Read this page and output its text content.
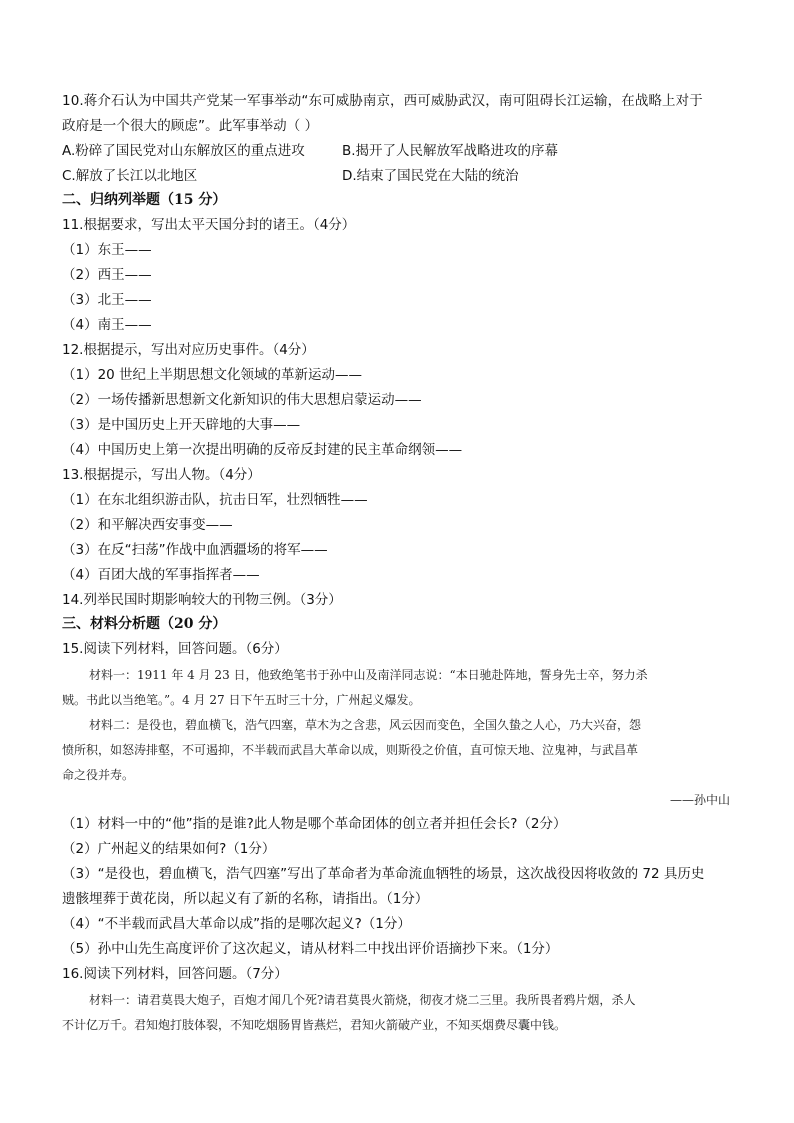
10.蒋介石认为中国共产党某一军事举动“东可威胁南京，西可威胁武汉，南可阻碍长江运输，在战略上对于
政府是一个很大的顾虑”。此军事举动（ ）
A.粉碎了国民党对山东解放区的重点进攻	B.揭开了人民解放军战略进攻的序幕
C.解放了长江以北地区	D.结束了国民党在大陆的统治
二、归纳列举题（15 分）
11.根据要求，写出太平天国分封的诸王。（4分）
（1）东王——
（2）西王——
（3）北王——
（4）南王——
12.根据提示，写出对应历史事件。（4分）
（1）20 世纪上半期思想文化领域的革新运动——
（2）一场传播新思想新文化新知识的伟大思想启蒙运动——
（3）是中国历史上开天辟地的大事——
（4）中国历史上第一次提出明确的反帝反封建的民主革命纲领——
13.根据提示，写出人物。（4分）
（1）在东北组织游击队，抗击日军，壮烈牺牲——
（2）和平解决西安事变——
（3）在反“扫荡”作战中血洒疆场的将军——
（4）百团大战的军事指挥者——
14.列举民国时期影响较大的刊物三例。（3分）
三、材料分析题（20 分）
15.阅读下列材料，回答问题。（6分）
材料一：1911 年 4 月 23 日，他致绝笔书于孙中山及南洋同志说：“本日驰赴阵地，誓身先士卒，努力杀
贼。书此以当绝笔。”。4 月 27 日下午五时三十分，广州起义爆发。
材料二：是役也，碧血横飞，浩气四塞，草木为之含悲，风云因而变色，全国久蛰之人心，乃大兴奋，怨
愤所积，如怒涛排壑，不可遏抑，不半载而武昌大革命以成，则斯役之价值，直可惊天地、泣鬼神，与武昌革
命之役并寿。
——孙中山
（1）材料一中的“他”指的是谁?此人物是哪个革命团体的创立者并担任会长?（2分）
（2）广州起义的结果如何?（1分）
（3）“是役也，碧血横飞，浩气四塞”写出了革命者为革命流血牺牲的场景，这次战役因将收敛的 72 具历史
遗骸埋葬于黄花岗，所以起义有了新的名称，请指出。（1分）
（4）“不半载而武昌大革命以成”指的是哪次起义?（1分）
（5）孙中山先生高度评价了这次起义，请从材料二中找出评价语摘抄下来。（1分）
16.阅读下列材料，回答问题。（7分）
材料一：请君莫畏大炮子，百炮才闻几个死?请君莫畏火箭烧，彻夜才烧二三里。我所畏者鸦片烟，杀人
不计亿万千。君知炮打肢体裂，不知吃烟肠胃皆燕烂，君知火箭破产业，不知买烟费尽囊中钱。
